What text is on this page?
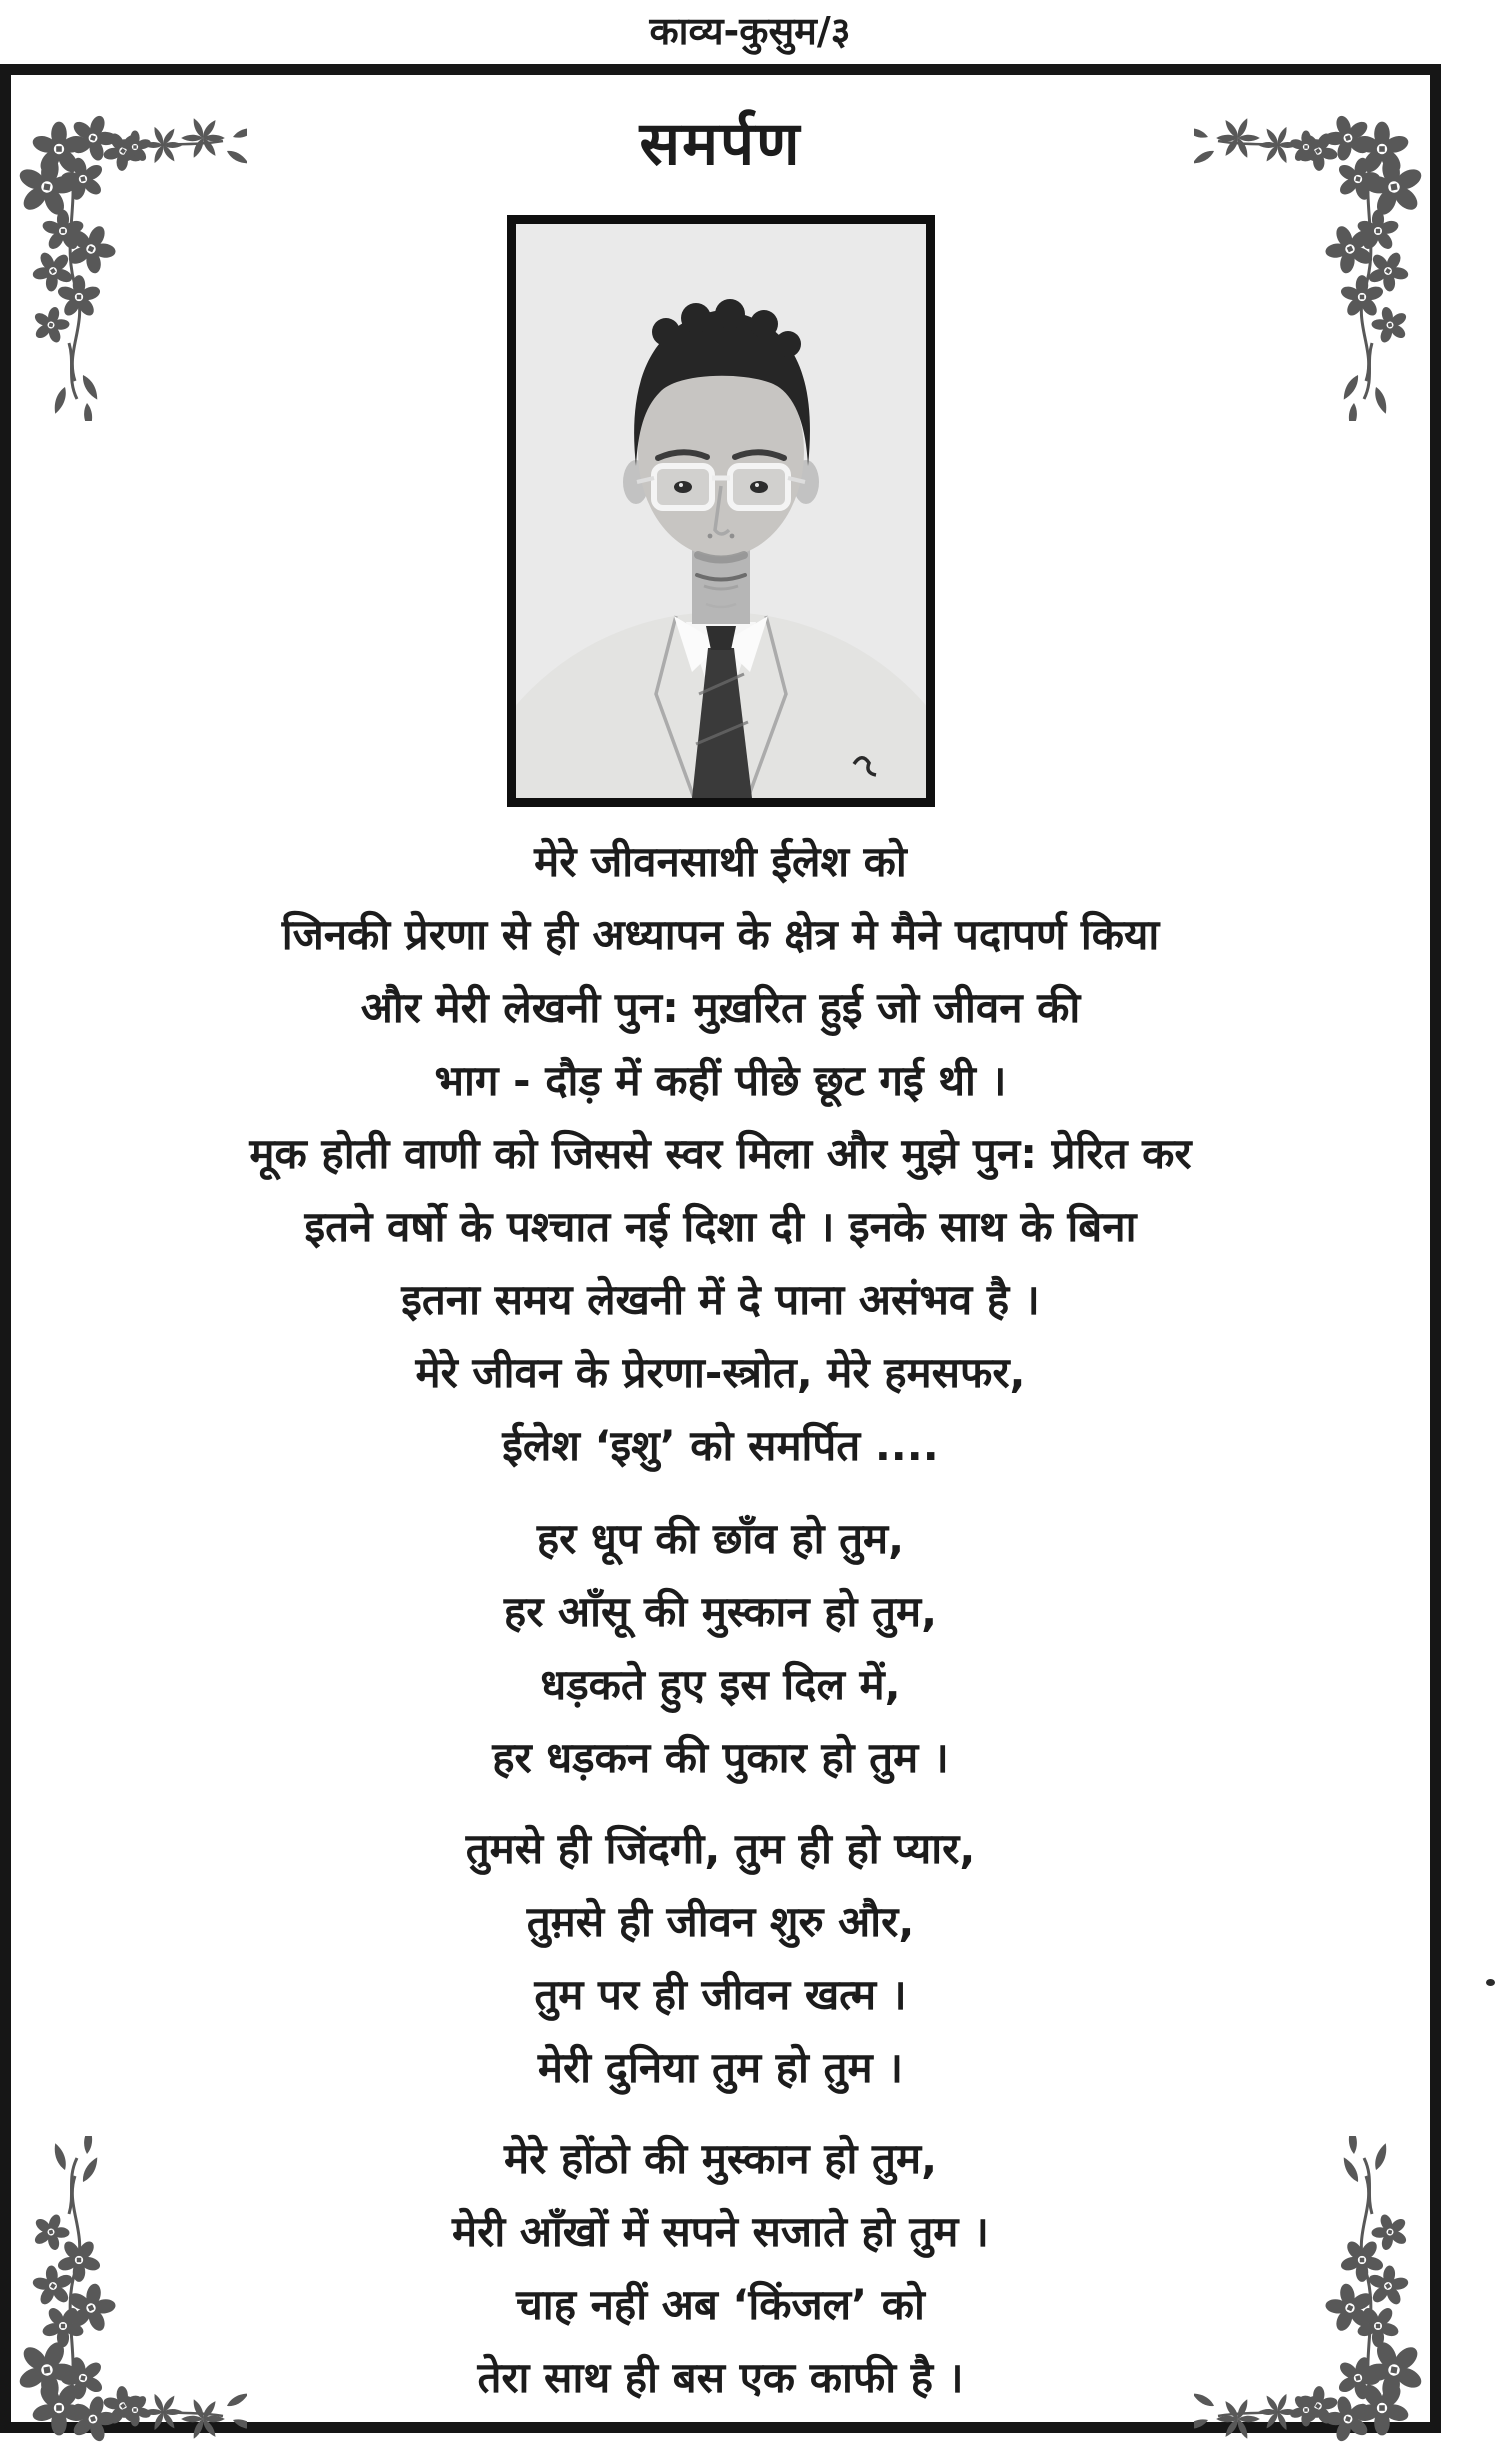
काव्य-कुसुम/३
समर्पण
मेरे जीवनसाथी ईलेश को
जिनकी प्रेरणा से ही अध्यापन के क्षेत्र मे मैने पदापर्ण किया
और मेरी लेखनी पुन: मुख़रित हुई जो जीवन की
भाग - दौड़ में कहीं पीछे छूट गई थी ।
मूक होती वाणी को जिससे स्वर मिला और मुझे पुन: प्रेरित कर
इतने वर्षो के पश्चात नई दिशा दी । इनके साथ के बिना
इतना समय लेखनी में दे पाना असंभव है ।
मेरे जीवन के प्रेरणा-स्त्रोत, मेरे हमसफर,
ईलेश ‘इशु’ को समर्पित ....
हर धूप की छाँव हो तुम,
हर आँसू की मुस्कान हो तुम,
धड़कते हुए इस दिल में,
हर धड़कन की पुकार हो तुम ।
तुमसे ही जिंदगी, तुम ही हो प्यार,
तुम़से ही जीवन शुरु और,
तुम पर ही जीवन खत्म ।
मेरी दुनिया तुम हो तुम ।
मेरे होंठो की मुस्कान हो तुम,
मेरी आँखों में सपने सजाते हो तुम ।
चाह नहीं अब ‘किंजल’ को
तेरा साथ ही बस एक काफी है ।
